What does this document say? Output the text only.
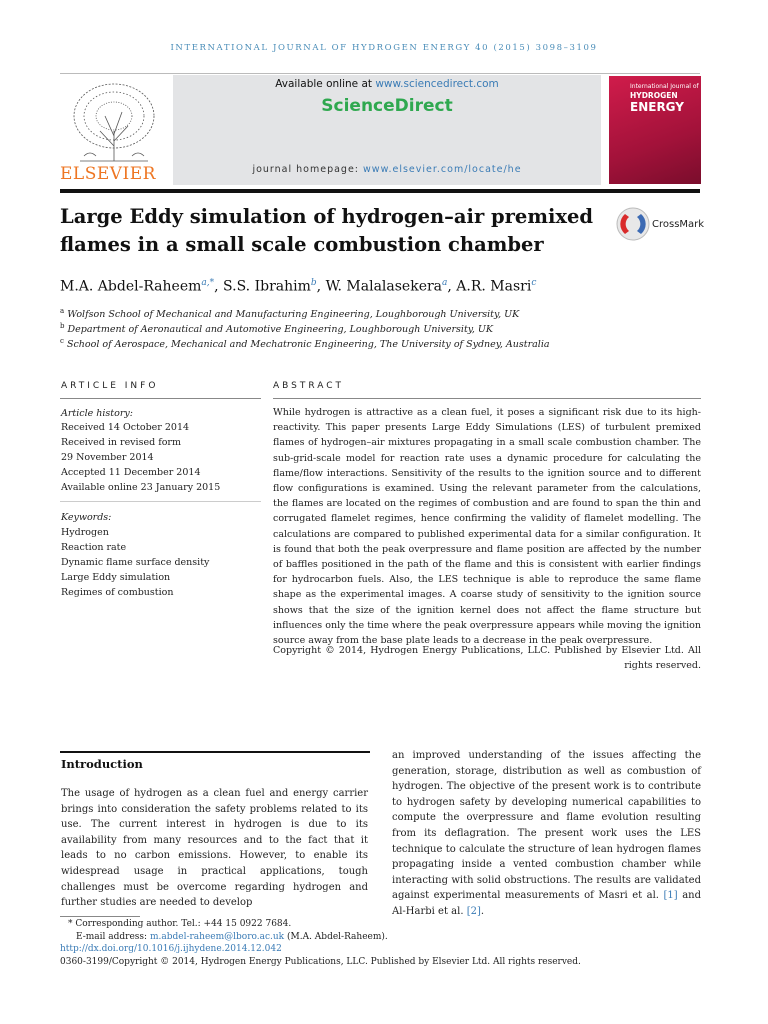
INTERNATIONAL JOURNAL OF HYDROGEN ENERGY 40 (2015) 3098–3109
ELSEVIER
Available online at www.sciencedirect.com
ScienceDirect
journal homepage: www.elsevier.com/locate/he
International Journal of
HYDROGEN
ENERGY
Large Eddy simulation of hydrogen–air premixed
flames in a small scale combustion chamber
CrossMark
M.A. Abdel-Raheem$^{a,*}$, S.S. Ibrahim$^b$, W. Malalasekera$^a$, A.R. Masri$^c$
$^a$ Wolfson School of Mechanical and Manufacturing Engineering, Loughborough University, UK
$^b$ Department of Aeronautical and Automotive Engineering, Loughborough University, UK
$^c$ School of Aerospace, Mechanical and Mechatronic Engineering, The University of Sydney, Australia
ARTICLE INFO
Article history:
Received 14 October 2014
Received in revised form
29 November 2014
Accepted 11 December 2014
Available online 23 January 2015
Keywords:
Hydrogen
Reaction rate
Dynamic flame surface density
Large Eddy simulation
Regimes of combustion
ABSTRACT
While hydrogen is attractive as a clean fuel, it poses a significant risk due to its high-reactivity. This paper presents Large Eddy Simulations (LES) of turbulent premixed flames of hydrogen–air mixtures propagating in a small scale combustion chamber. The sub-grid-scale model for reaction rate uses a dynamic procedure for calculating the flame/flow interactions. Sensitivity of the results to the ignition source and to different flow configurations is examined. Using the relevant parameter from the calculations, the flames are located on the regimes of combustion and are found to span the thin and corrugated flamelet regimes, hence confirming the validity of flamelet modelling. The calculations are compared to published experimental data for a similar configuration. It is found that both the peak overpressure and flame position are affected by the number of baffles positioned in the path of the flame and this is consistent with earlier findings for hydrocarbon fuels. Also, the LES technique is able to reproduce the same flame shape as the experimental images. A coarse study of sensitivity to the ignition source shows that the size of the ignition kernel does not affect the flame structure but influences only the time where the peak overpressure appears while moving the ignition source away from the base plate leads to a decrease in the peak overpressure.
Copyright © 2014, Hydrogen Energy Publications, LLC. Published by Elsevier Ltd. All rights reserved.
Introduction
The usage of hydrogen as a clean fuel and energy carrier brings into consideration the safety problems related to its use. The current interest in hydrogen is due to its availability from many resources and to the fact that it leads to no carbon emissions. However, to enable its widespread usage in practical applications, tough challenges must be overcome regarding hydrogen and further studies are needed to develop
an improved understanding of the issues affecting the generation, storage, distribution as well as combustion of hydrogen. The objective of the present work is to contribute to hydrogen safety by developing numerical capabilities to compute the overpressure and flame evolution resulting from its deflagration. The present work uses the LES technique to calculate the structure of lean hydrogen flames propagating inside a vented combustion chamber while interacting with solid obstructions. The results are validated against experimental measurements of Masri et al. [1] and Al-Harbi et al. [2].
* Corresponding author. Tel.: +44 15 0922 7684.
E-mail address: m.abdel-raheem@lboro.ac.uk (M.A. Abdel-Raheem).
http://dx.doi.org/10.1016/j.ijhydene.2014.12.042
0360-3199/Copyright © 2014, Hydrogen Energy Publications, LLC. Published by Elsevier Ltd. All rights reserved.
